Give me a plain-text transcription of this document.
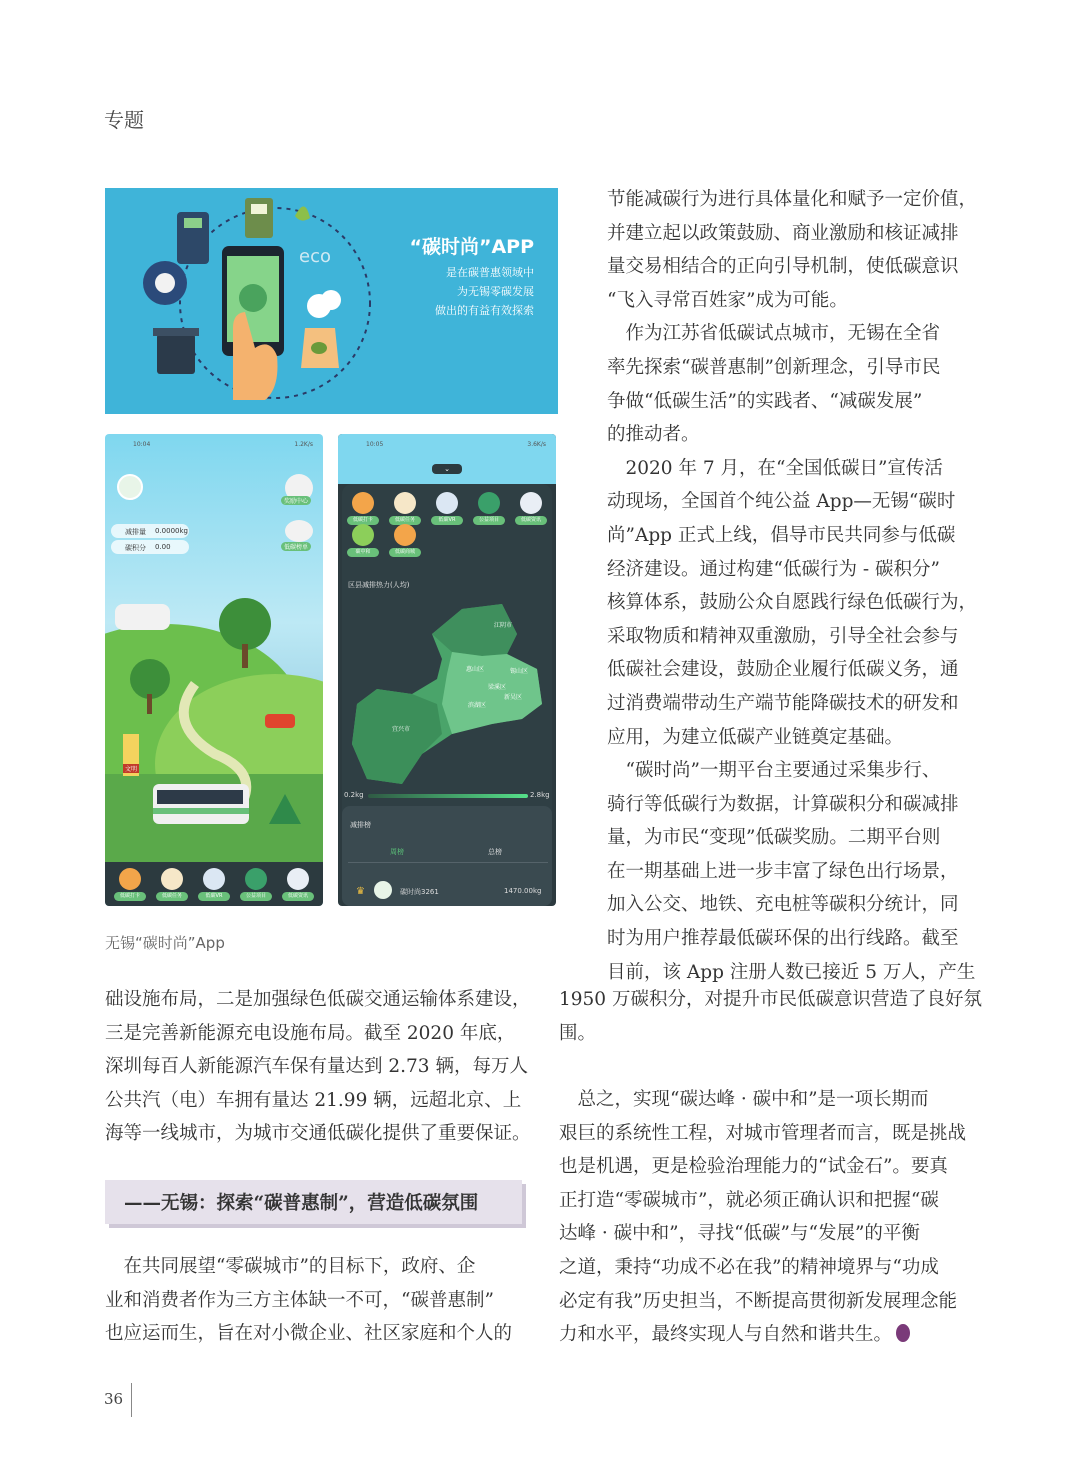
专题
eco	“碳时尚”APP
是在碳普惠领域中
为无锡零碳发展
做出的有益有效探索
10:04	1.2K/s
减排量 0.0000kg
碳积分 0.00
奖励中心
低碳榜单
文明
低碳打卡	低碳任务	低碳VR	公益项目	低碳资讯
10:05	3.6K/s
⌄
低碳打卡	低碳任务	低碳VR	公益项目	低碳资讯
碳中和	低碳商城
区县减排热力(人均)
江阴市
惠山区	锡山区
梁溪区
新吴区
滨湖区
宜兴市
0.2kg	2.8kg
减排榜
周榜	总榜
♛	碳时尚3261	1470.00kg
无锡“碳时尚”App
节能减碳行为进行具体量化和赋予一定价值，
并建立起以政策鼓励、商业激励和核证减排
量交易相结合的正向引导机制，使低碳意识
“飞入寻常百姓家”成为可能。
　作为江苏省低碳试点城市，无锡在全省
率先探索“碳普惠制”创新理念，引导市民
争做“低碳生活”的实践者、“减碳发展”
的推动者。
　2020 年 7 月，在“全国低碳日”宣传活
动现场，全国首个纯公益 App—无锡“碳时
尚”App 正式上线，倡导市民共同参与低碳
经济建设。通过构建“低碳行为 - 碳积分”
核算体系，鼓励公众自愿践行绿色低碳行为，
采取物质和精神双重激励，引导全社会参与
低碳社会建设，鼓励企业履行低碳义务，通
过消费端带动生产端节能降碳技术的研发和
应用，为建立低碳产业链奠定基础。
　“碳时尚”一期平台主要通过采集步行、
骑行等低碳行为数据，计算碳积分和碳减排
量，为市民“变现”低碳奖励。二期平台则
在一期基础上进一步丰富了绿色出行场景，
加入公交、地铁、充电桩等碳积分统计，同
时为用户推荐最低碳环保的出行线路。截至
目前，该 App 注册人数已接近 5 万人，产生
1950 万碳积分，对提升市民低碳意识营造了良好氛
围。
础设施布局，二是加强绿色低碳交通运输体系建设，
三是完善新能源充电设施布局。截至 2020 年底，
深圳每百人新能源汽车保有量达到 2.73 辆，每万人
公共汽（电）车拥有量达 21.99 辆，远超北京、上
海等一线城市，为城市交通低碳化提供了重要保证。
——无锡：探索“碳普惠制”，营造低碳氛围
　在共同展望“零碳城市”的目标下，政府、企
业和消费者作为三方主体缺一不可，“碳普惠制”
也应运而生，旨在对小微企业、社区家庭和个人的
　总之，实现“碳达峰 · 碳中和”是一项长期而
艰巨的系统性工程，对城市管理者而言，既是挑战
也是机遇，更是检验治理能力的“试金石”。要真
正打造“零碳城市”，就必须正确认识和把握“碳
达峰 · 碳中和”，寻找“低碳”与“发展”的平衡
之道，秉持“功成不必在我”的精神境界与“功成
必定有我”历史担当，不断提高贯彻新发展理念能
力和水平，最终实现人与自然和谐共生。
36
